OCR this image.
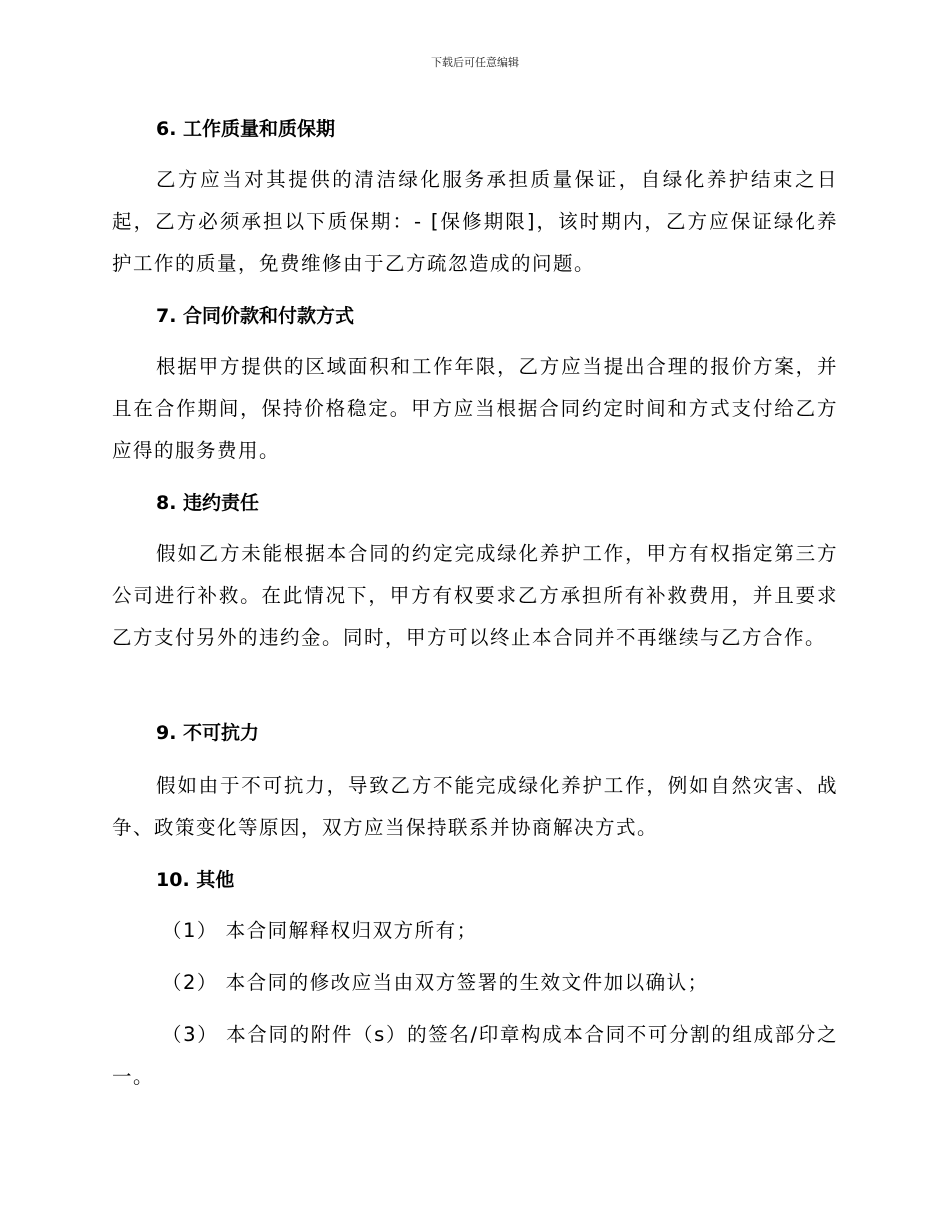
下载后可任意编辑
6. 工作质量和质保期
乙方应当对其提供的清洁绿化服务承担质量保证，自绿化养护结束之日起，乙方必须承担以下质保期：- [保修期限]，该时期内，乙方应保证绿化养护工作的质量，免费维修由于乙方疏忽造成的问题。
7. 合同价款和付款方式
根据甲方提供的区域面积和工作年限，乙方应当提出合理的报价方案，并且在合作期间，保持价格稳定。甲方应当根据合同约定时间和方式支付给乙方应得的服务费用。
8. 违约责任
假如乙方未能根据本合同的约定完成绿化养护工作，甲方有权指定第三方公司进行补救。在此情况下，甲方有权要求乙方承担所有补救费用，并且要求乙方支付另外的违约金。同时，甲方可以终止本合同并不再继续与乙方合作。
9. 不可抗力
假如由于不可抗力，导致乙方不能完成绿化养护工作，例如自然灾害、战争、政策变化等原因，双方应当保持联系并协商解决方式。
10. 其他
（1） 本合同解释权归双方所有；
（2） 本合同的修改应当由双方签署的生效文件加以确认；
（3） 本合同的附件（s）的签名/印章构成本合同不可分割的组成部分之一。
